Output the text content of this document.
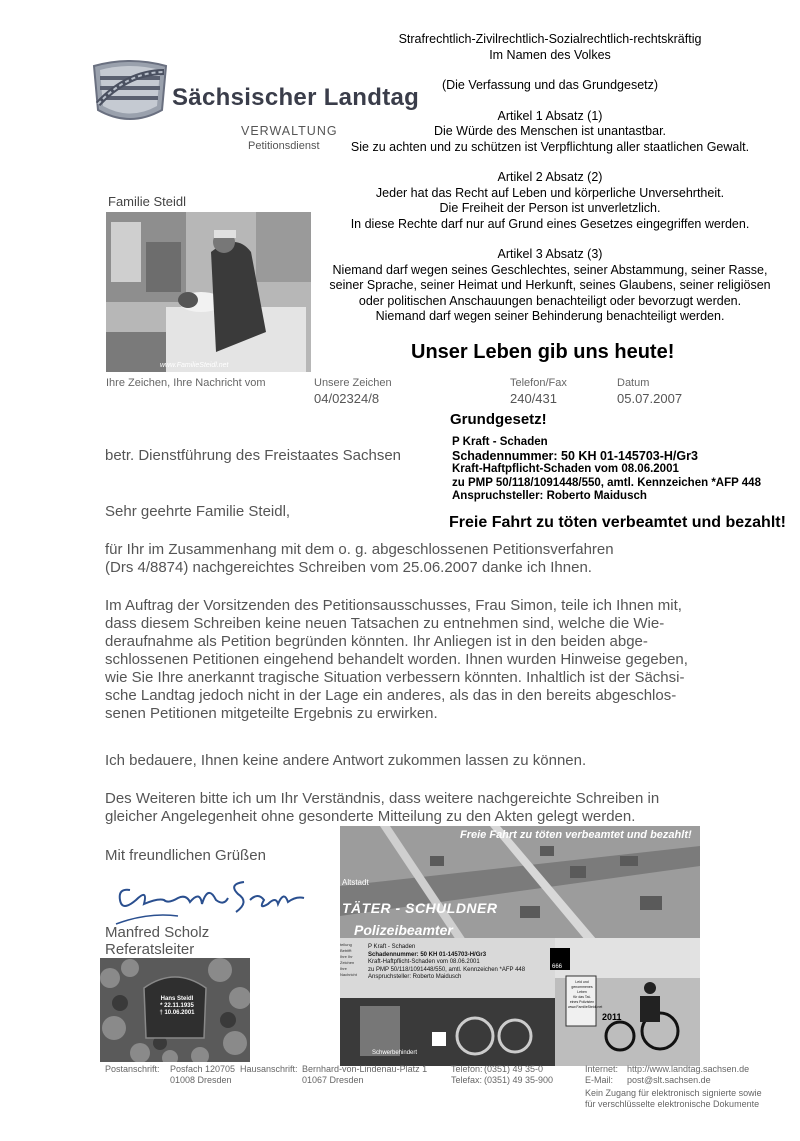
Strafrechtlich-Zivilrechtlich-Sozialrechtlich-rechtskräftig

Im Namen des Volkes

(Die Verfassung und das Grundgesetz)

Artikel 1 Absatz (1)

Die Würde des Menschen ist unantastbar.

Sie zu achten und zu schützen ist Verpflichtung aller staatlichen Gewalt.

Artikel 2 Absatz (2)

Jeder hat das Recht auf Leben und körperliche Unversehrtheit.

Die Freiheit der Person ist unverletzlich.

In diese Rechte darf nur auf Grund eines Gesetzes eingegriffen werden.

Artikel 3 Absatz (3)

Niemand darf wegen seines Geschlechtes, seiner Abstammung, seiner Rasse,

seiner Sprache, seiner Heimat und Herkunft, seines Glaubens, seiner religiösen

oder politischen Anschauungen benachteiligt oder bevorzugt werden.

Niemand darf wegen seiner Behinderung benachteiligt werden.

Sächsischer Landtag
VERWALTUNG
Petitionsdienst
Familie Steidl
www.FamilieSteidl.net
Unser Leben gib uns heute!
Ihre Zeichen, Ihre Nachricht vom	Unsere Zeichen
04/02324/8
Telefon/Fax
240/431
Datum
05.07.2007
Grundgesetz!

P Kraft - Schaden

Schadennummer: 50 KH 01-145703-H/Gr3

Kraft-Haftpflicht-Schaden vom 08.06.2001

zu PMP 50/118/1091448/550, amtl. Kennzeichen *AFP 448

Anspruchsteller: Roberto Maidusch

Freie Fahrt zu töten verbeamtet und bezahlt!
betr. Dienstführung des Freistaates Sachsen
Sehr geehrte Familie Steidl,

für Ihr im Zusammenhang mit dem o. g. abgeschlossenen Petitionsverfahren

(Drs 4/8874) nachgereichtes Schreiben vom 25.06.2007 danke ich Ihnen.

Im Auftrag der Vorsitzenden des Petitionsausschusses, Frau Simon, teile ich Ihnen mit,

dass diesem Schreiben keine neuen Tatsachen zu entnehmen sind, welche die Wie-

deraufnahme als Petition begründen könnten. Ihr Anliegen ist in den beiden abge-

schlossenen Petitionen eingehend behandelt worden. Ihnen wurden Hinweise gegeben,

wie Sie Ihre anerkannt tragische Situation verbessern könnten. Inhaltlich ist der Sächsi-

sche Landtag jedoch nicht in der Lage ein anderes, als das in den bereits abgeschlos-

senen Petitionen mitgeteilte Ergebnis zu erwirken.

Ich bedauere, Ihnen keine andere Antwort zukommen lassen zu können.

Des Weiteren bitte ich um Ihr Verständnis, dass weitere nachgereichte Schreiben in

gleicher Angelegenheit ohne gesonderte Mitteilung zu den Akten gelegt werden.

Mit freundlichen Grüßen
Manfred Scholz
Referatsleiter
Hans Steidl
* 22.11.1935
† 10.06.2001
Freie Fahrt zu töten verbeamtet und bezahlt!
Altstadt
TÄTER - SCHULDNER
Polizeibeamter
teilung
Betrifft
Ihre Ihr
Zeichen
Ihre
Nachricht
P Kraft - Schaden
Schadennummer: 50 KH 01-145703-H/Gr3
Kraft-Haftpflicht-Schaden vom 08.06.2001
zu PMP 50/118/1091448/550, amtl. Kennzeichen *AFP 448
Anspruchsteller: Roberto Maidusch
Schwerbehindert
666
Leid und
genommenes Leben
für das Tat-
eines Polizisten
www.FamilieSteidl.net
2011

Postanschrift: Posfach 120705

01008 Dresden

Hausanschrift: Bernhard-von-Lindenau-Platz 1

01067 Dresden

Telefon:

Telefax:

(0351) 49 35-0

(0351) 49 35-900

Internet:

E-Mail:

http://www.landtag.sachsen.de

post@slt.sachsen.de

Kein Zugang für elektronisch signierte sowie

für verschlüsselte elektronische Dokumente
